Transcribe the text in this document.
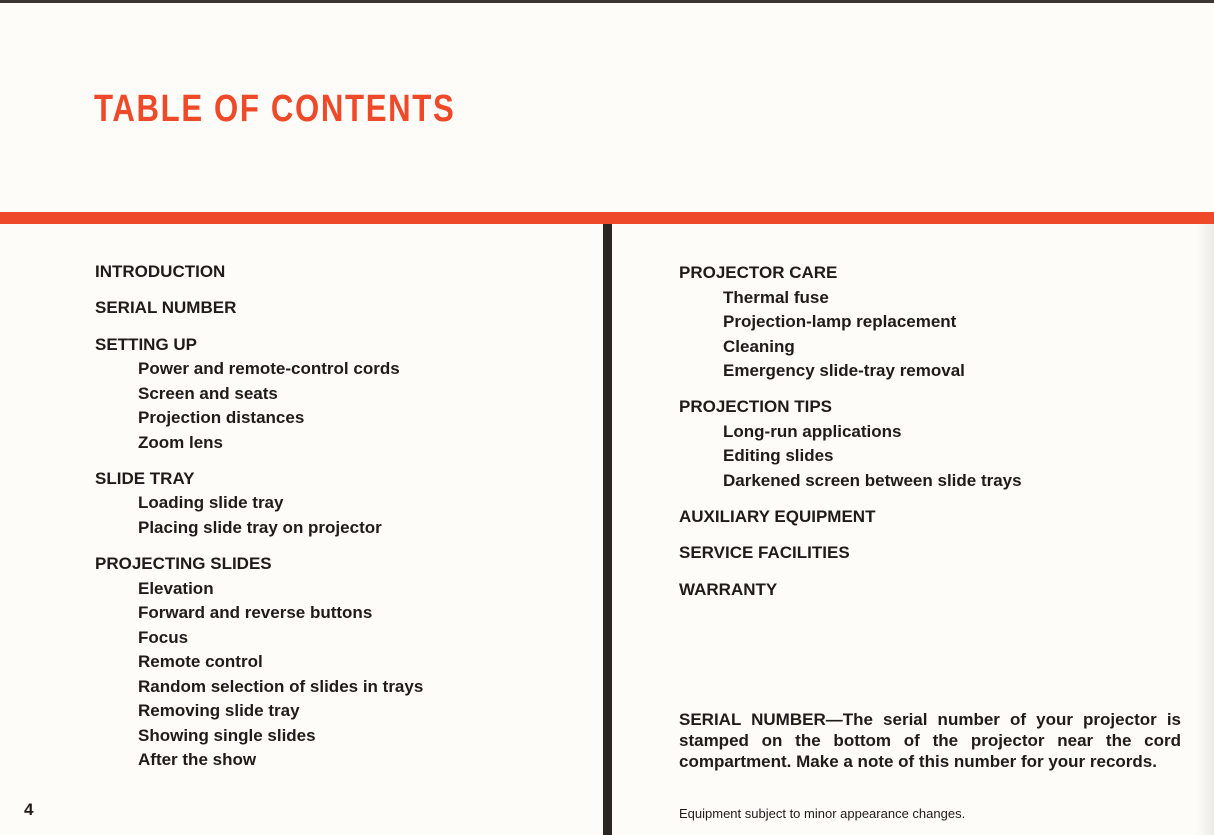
TABLE OF CONTENTS
INTRODUCTION
SERIAL NUMBER
SETTING UP
Power and remote-control cords
Screen and seats
Projection distances
Zoom lens
SLIDE TRAY
Loading slide tray
Placing slide tray on projector
PROJECTING SLIDES
Elevation
Forward and reverse buttons
Focus
Remote control
Random selection of slides in trays
Removing slide tray
Showing single slides
After the show
PROJECTOR CARE
Thermal fuse
Projection-lamp replacement
Cleaning
Emergency slide-tray removal
PROJECTION TIPS
Long-run applications
Editing slides
Darkened screen between slide trays
AUXILIARY EQUIPMENT
SERVICE FACILITIES
WARRANTY

SERIAL NUMBER—The serial number of your projector is stamped on the bottom of the projector near the cord compartment. Make a note of this number for your records.

Equipment subject to minor appearance changes.
4
